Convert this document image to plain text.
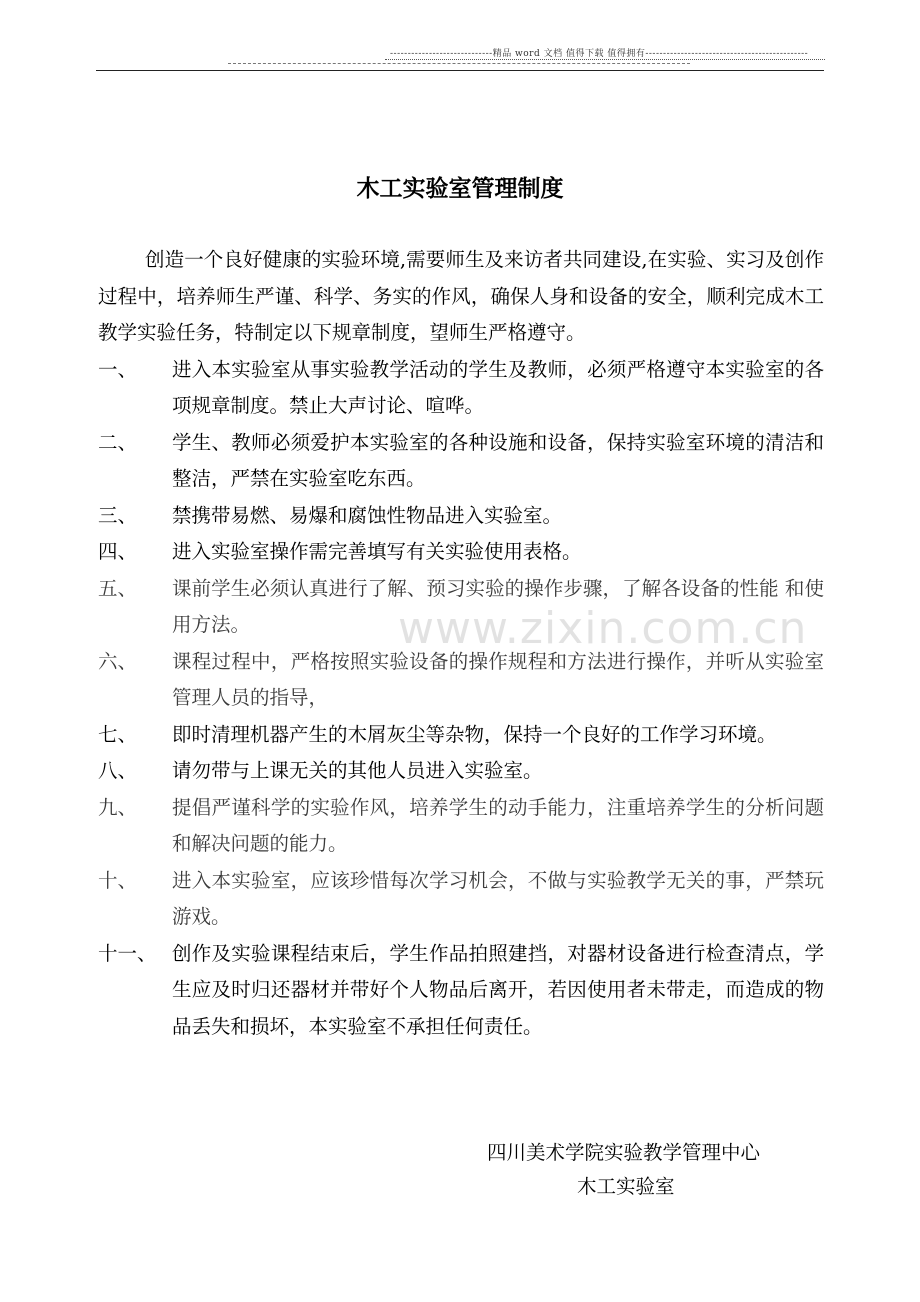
-----------------------------精品 word 文档 值得下载 值得拥有----------------------------------------------
www.zixin.com.cn
木工实验室管理制度

创造一个良好健康的实验环境,需要师生及来访者共同建设,在实验、实习及创作过程中，培养师生严谨、科学、务实的作风，确保人身和设备的安全，顺利完成木工教学实验任务，特制定以下规章制度，望师生严格遵守。

一、	进入本实验室从事实验教学活动的学生及教师，必须严格遵守本实验室的各项规章制度。禁止大声讨论、喧哗。
二、	学生、教师必须爱护本实验室的各种设施和设备，保持实验室环境的清洁和整洁，严禁在实验室吃东西。
三、	禁携带易燃、易爆和腐蚀性物品进入实验室。
四、	进入实验室操作需完善填写有关实验使用表格。
五、	课前学生必须认真进行了解、预习实验的操作步骤，了解各设备的性能 和使用方法。
六、	课程过程中，严格按照实验设备的操作规程和方法进行操作，并听从实验室管理人员的指导，
七、	即时清理机器产生的木屑灰尘等杂物，保持一个良好的工作学习环境。
八、	请勿带与上课无关的其他人员进入实验室。
九、	提倡严谨科学的实验作风，培养学生的动手能力，注重培养学生的分析问题和解决问题的能力。
十、	进入本实验室，应该珍惜每次学习机会，不做与实验教学无关的事，严禁玩游戏。
十一、 创作及实验课程结束后，学生作品拍照建挡，对器材设备进行检查清点，学生应及时归还器材并带好个人物品后离开，若因使用者未带走，而造成的物品丢失和损坏，本实验室不承担任何责任。
四川美术学院实验教学管理中心
木工实验室
